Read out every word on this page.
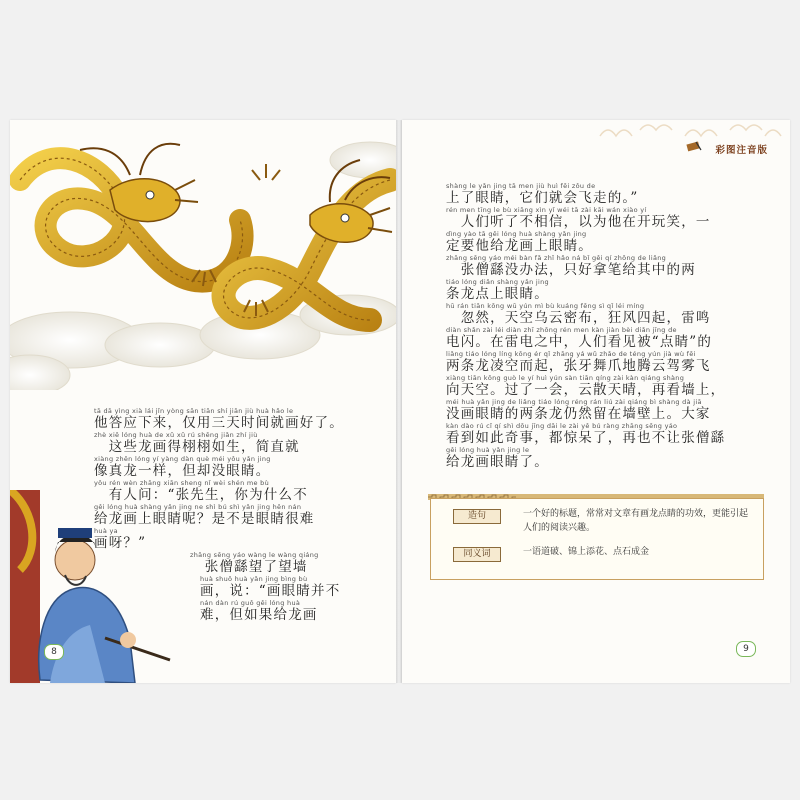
tā dā yìng xià lái jǐn yòng sān tiān shí jiān jiù huà hǎo le
他答应下来，仅用三天时间就画好了。
zhè xiē lóng huà de xǔ xǔ rú shēng jiǎn zhí jiù
　这些龙画得栩栩如生，简直就
xiàng zhēn lóng yí yàng dàn què méi yǒu yǎn jing
像真龙一样，但却没眼睛。
yǒu rén wèn zhāng xiān sheng nǐ wèi shén me bù
　有人问：“张先生，你为什么不
gěi lóng huà shàng yǎn jing ne shì bú shì yǎn jing hěn nán
给龙画上眼睛呢？是不是眼睛很难
huà ya
画呀？”
zhāng sēng yáo wàng le wàng qiáng
　张僧繇望了望墙
huà shuō huà yǎn jing bìng bù
画，说：“画眼睛并不
nán dàn rú guǒ gěi lóng huà
难，但如果给龙画
8
彩图注音版
shàng le yǎn jing tā men jiù huì fēi zǒu de
上了眼睛，它们就会飞走的。”
rén men tīng le bù xiāng xìn yǐ wéi tā zài kāi wán xiào yí
　人们听了不相信，以为他在开玩笑，一
dìng yào tā gěi lóng huà shàng yǎn jing
定要他给龙画上眼睛。
zhāng sēng yáo méi bàn fǎ zhǐ hǎo ná bǐ gěi qí zhōng de liǎng
　张僧繇没办法，只好拿笔给其中的两
tiáo lóng diǎn shàng yǎn jing
条龙点上眼睛。
hū rán tiān kōng wū yún mì bù kuáng fēng sì qǐ léi míng
　忽然，天空乌云密布，狂风四起，雷鸣
diàn shǎn zài léi diàn zhī zhōng rén men kàn jiàn bèi diǎn jīng de
电闪。在雷电之中，人们看见被“点睛”的
liǎng tiáo lóng líng kōng ér qǐ zhāng yá wǔ zhǎo de téng yún jià wù fēi
两条龙凌空而起，张牙舞爪地腾云驾雾飞
xiàng tiān kōng guò le yí huì yún sàn tiān qíng zài kàn qiáng shàng
向天空。过了一会，云散天晴，再看墙上，
méi huà yǎn jing de liǎng tiáo lóng réng rán liú zài qiáng bì shàng dà jiā
没画眼睛的两条龙仍然留在墙壁上。大家
kàn dào rú cǐ qí shì dōu jīng dāi le zài yě bú ràng zhāng sēng yáo
看到如此奇事，都惊呆了，再也不让张僧繇
gěi lóng huà yǎn jing le
给龙画眼睛了。
造句	一个好的标题，常常对文章有画龙点睛的功效，更能引起人们的阅读兴趣。
同义词	一语道破、锦上添花、点石成金
9
